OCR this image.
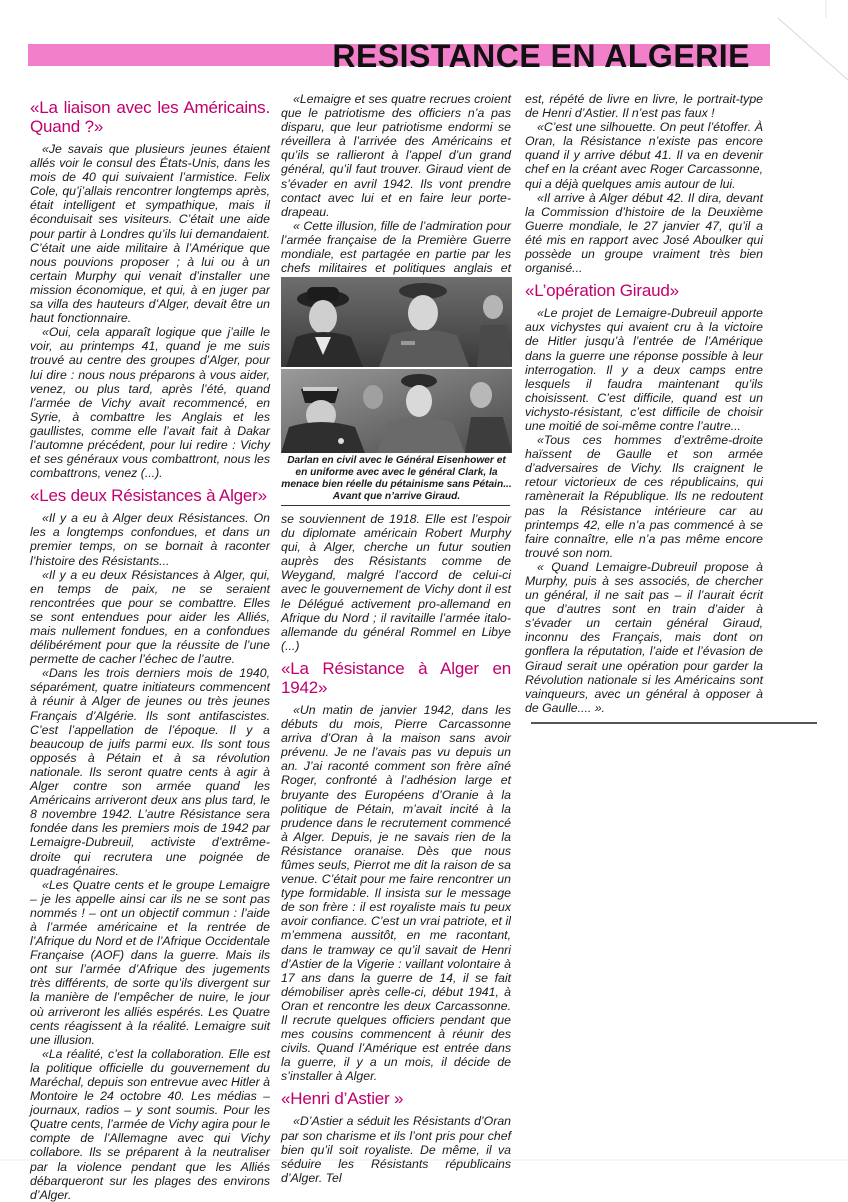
RESISTANCE EN ALGERIE
«La liaison avec les Américains. Quand ?»

«Je savais que plusieurs jeunes étaient allés voir le consul des États-Unis, dans les mois de 40 qui suivaient l’armistice. Felix Cole, qu’j’allais rencontrer longtemps après, était intelligent et sympathique, mais il éconduisait ses visiteurs. C’était une aide pour partir à Londres qu’ils lui demandaient. C’était une aide militaire à l’Amérique que nous pouvions proposer ; à lui ou à un certain Murphy qui venait d’installer une mission économique, et qui, à en juger par sa villa des hauteurs d’Alger, devait être un haut fonctionnaire.

«Oui, cela apparaît logique que j’aille le voir, au printemps 41, quand je me suis trouvé au centre des groupes d’Alger, pour lui dire : nous nous préparons à vous aider, venez, ou plus tard, après l’été, quand l’armée de Vichy avait recommencé, en Syrie, à combattre les Anglais et les gaullistes, comme elle l’avait fait à Dakar l’automne précédent, pour lui redire : Vichy et ses généraux vous combattront, nous les combattrons, venez (...).

«Les deux Résistances à Alger»

«Il y a eu à Alger deux Résistances. On les a longtemps confondues, et dans un premier temps, on se bornait à raconter l’histoire des Résistants...

«Il y a eu deux Résistances à Alger, qui, en temps de paix, ne se seraient rencontrées que pour se combattre. Elles se sont entendues pour aider les Alliés, mais nullement fondues, en a confondues délibérément pour que la réussite de l’une permette de cacher l’échec de l’autre.

«Dans les trois derniers mois de 1940, séparément, quatre initiateurs commencent à réunir à Alger de jeunes ou très jeunes Français d’Algérie. Ils sont antifascistes. C’est l’appellation de l’époque. Il y a beaucoup de juifs parmi eux. Ils sont tous opposés à Pétain et à sa révolution nationale. Ils seront quatre cents à agir à Alger contre son armée quand les Américains arriveront deux ans plus tard, le 8 novembre 1942. L’autre Résistance sera fondée dans les premiers mois de 1942 par Lemaigre-Dubreuil, activiste d’extrême-droite qui recrutera une poignée de quadragénaires.

«Les Quatre cents et le groupe Lemaigre – je les appelle ainsi car ils ne se sont pas nommés ! – ont un objectif commun : l’aide à l’armée américaine et la rentrée de l’Afrique du Nord et de l’Afrique Occidentale Française (AOF) dans la guerre. Mais ils ont sur l’armée d’Afrique des jugements très différents, de sorte qu’ils divergent sur la manière de l’empêcher de nuire, le jour où arriveront les alliés espérés. Les Quatre cents réagissent à la réalité. Lemaigre suit une illusion.

«La réalité, c’est la collaboration. Elle est la politique officielle du gouvernement du Maréchal, depuis son entrevue avec Hitler à Montoire le 24 octobre 40. Les médias – journaux, radios – y sont soumis. Pour les Quatre cents, l’armée de Vichy agira pour le compte de l’Allemagne avec qui Vichy collabore. Ils se préparent à la neutraliser par la violence pendant que les Alliés débarqueront sur les plages des environs d’Alger.

«Lemaigre et ses quatre recrues croient que le patriotisme des officiers n’a pas disparu, que leur patriotisme endormi se réveillera à l’arrivée des Américains et qu’ils se rallieront à l’appel d’un grand général, qu’il faut trouver. Giraud vient de s’évader en avril 1942. Ils vont prendre contact avec lui et en faire leur porte-drapeau.

« Cette illusion, fille de l’admiration pour l’armée française de la Première Guerre mondiale, est partagée en partie par les chefs militaires et politiques anglais et

Darlan en civil avec le Général Eisenhower et en uniforme avec avec le général Clark, la menace bien réelle du pétainisme sans Pétain... Avant que n’arrive Giraud.

se souviennent de 1918. Elle est l’espoir du diplomate américain Robert Murphy qui, à Alger, cherche un futur soutien auprès des Résistants comme de Weygand, malgré l’accord de celui-ci avec le gouvernement de Vichy dont il est le Délégué activement pro-allemand en Afrique du Nord ; il ravitaille l’armée italo-allemande du général Rommel en Libye (...)

«La Résistance à Alger en 1942»

«Un matin de janvier 1942, dans les débuts du mois, Pierre Carcassonne arriva d’Oran à la maison sans avoir prévenu. Je ne l’avais pas vu depuis un an. J’ai raconté comment son frère aîné Roger, confronté à l’adhésion large et bruyante des Européens d’Oranie à la politique de Pétain, m’avait incité à la prudence dans le recrutement commencé à Alger. Depuis, je ne savais rien de la Résistance oranaise. Dès que nous fûmes seuls, Pierrot me dit la raison de sa venue. C’était pour me faire rencontrer un type formidable. Il insista sur le message de son frère : il est royaliste mais tu peux avoir confiance. C’est un vrai patriote, et il m’emmena aussitôt, en me racontant, dans le tramway ce qu’il savait de Henri d’Astier de la Vigerie : vaillant volontaire à 17 ans dans la guerre de 14, il se fait démobiliser après celle-ci, début 1941, à Oran et rencontre les deux Carcassonne. Il recrute quelques officiers pendant que mes cousins commencent à réunir des civils. Quand l’Amérique est entrée dans la guerre, il y a un mois, il décide de s’installer à Alger.

«Henri d’Astier »

«D’Astier a séduit les Résistants d’Oran par son charisme et ils l’ont pris pour chef bien qu’il soit royaliste. De même, il va séduire les Résistants républicains d’Alger. Tel

est, répété de livre en livre, le portrait-type de Henri d’Astier. Il n’est pas faux !

«C’est une silhouette. On peut l’étoffer. À Oran, la Résistance n’existe pas encore quand il y arrive début 41. Il va en devenir chef en la créant avec Roger Carcassonne, qui a déjà quelques amis autour de lui.

«Il arrive à Alger début 42. Il dira, devant la Commission d’histoire de la Deuxième Guerre mondiale, le 27 janvier 47, qu’il a été mis en rapport avec José Aboulker qui possède un groupe vraiment très bien organisé...

«L’opération Giraud»

«Le projet de Lemaigre-Dubreuil apporte aux vichystes qui avaient cru à la victoire de Hitler jusqu’à l’entrée de l’Amérique dans la guerre une réponse possible à leur interrogation. Il y a deux camps entre lesquels il faudra maintenant qu’ils choisissent. C’est difficile, quand est un vichysto-résistant, c’est difficile de choisir une moitié de soi-même contre l’autre...

«Tous ces hommes d’extrême-droite haïssent de Gaulle et son armée d’adversaires de Vichy. Ils craignent le retour victorieux de ces républicains, qui ramènerait la République. Ils ne redoutent pas la Résistance intérieure car au printemps 42, elle n’a pas commencé à se faire connaître, elle n’a pas même encore trouvé son nom.

« Quand Lemaigre-Dubreuil propose à Murphy, puis à ses associés, de chercher un général, il ne sait pas – il l’aurait écrit que d’autres sont en train d’aider à s’évader un certain général Giraud, inconnu des Français, mais dont on gonflera la réputation, l’aide et l’évasion de Giraud serait une opération pour garder la Révolution nationale si les Américains sont vainqueurs, avec un général à opposer à de Gaulle.... ».
